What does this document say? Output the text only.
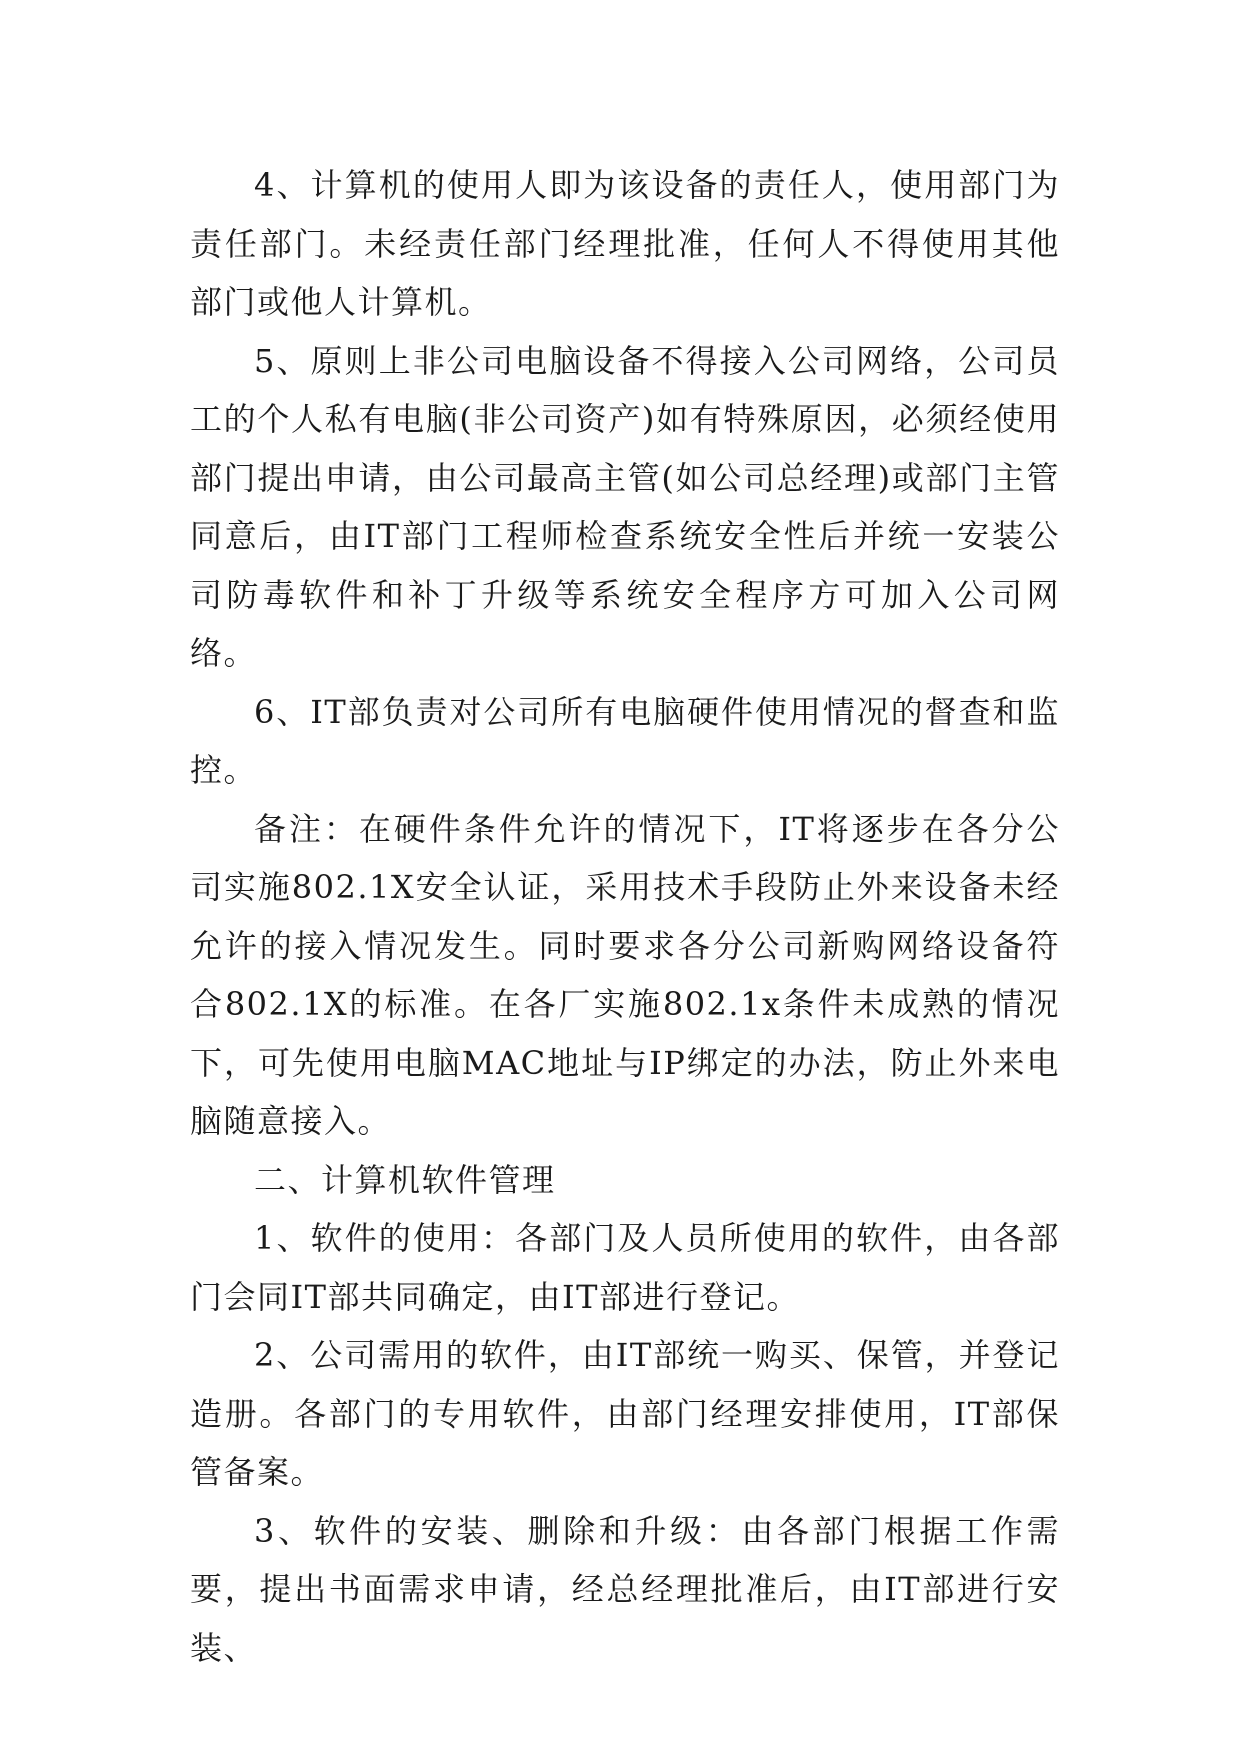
4、计算机的使用人即为该设备的责任人，使用部门为责任部门。未经责任部门经理批准，任何人不得使用其他部门或他人计算机。

5、原则上非公司电脑设备不得接入公司网络，公司员工的个人私有电脑(非公司资产)如有特殊原因，必须经使用部门提出申请，由公司最高主管(如公司总经理)或部门主管同意后，由IT部门工程师检查系统安全性后并统一安装公司防毒软件和补丁升级等系统安全程序方可加入公司网络。

6、IT部负责对公司所有电脑硬件使用情况的督查和监控。

备注：在硬件条件允许的情况下，IT将逐步在各分公司实施802.1X安全认证，采用技术手段防止外来设备未经允许的接入情况发生。同时要求各分公司新购网络设备符合802.1X的标准。在各厂实施802.1x条件未成熟的情况下，可先使用电脑MAC地址与IP绑定的办法，防止外来电脑随意接入。

二、计算机软件管理

1、软件的使用：各部门及人员所使用的软件，由各部门会同IT部共同确定，由IT部进行登记。

2、公司需用的软件，由IT部统一购买、保管，并登记造册。各部门的专用软件，由部门经理安排使用，IT部保管备案。

3、软件的安装、删除和升级：由各部门根据工作需要，提出书面需求申请，经总经理批准后，由IT部进行安装、
